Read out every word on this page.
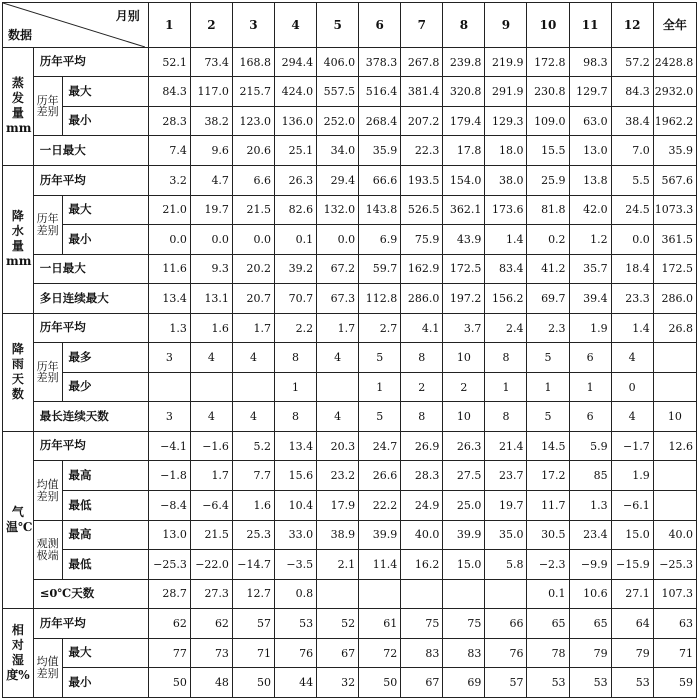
月别
数据			1	2	3	4	5	6	7	8	9	10	11	12	全年
蒸发量mm	历年平均		52.1	73.4	168.8	294.4	406.0	378.3	267.8	239.8	219.9	172.8	98.3	57.2	2428.8
	历年差别	最大	84.3	117.0	215.7	424.0	557.5	516.4	381.4	320.8	291.9	230.8	129.7	84.3	2932.0
		最小	28.3	38.2	123.0	136.0	252.0	268.4	207.2	179.4	129.3	109.0	63.0	38.4	1962.2
	一日最大		7.4	9.6	20.6	25.1	34.0	35.9	22.3	17.8	18.0	15.5	13.0	7.0	35.9
降水量mm	历年平均		3.2	4.7	6.6	26.3	29.4	66.6	193.5	154.0	38.0	25.9	13.8	5.5	567.6
	历年差别	最大	21.0	19.7	21.5	82.6	132.0	143.8	526.5	362.1	173.6	81.8	42.0	24.5	1073.3
		最小	0.0	0.0	0.0	0.1	0.0	6.9	75.9	43.9	1.4	0.2	1.2	0.0	361.5
	一日最大		11.6	9.3	20.2	39.2	67.2	59.7	162.9	172.5	83.4	41.2	35.7	18.4	172.5
	多日连续最大		13.4	13.1	20.7	70.7	67.3	112.8	286.0	197.2	156.2	69.7	39.4	23.3	286.0
降雨天数	历年平均		1.3	1.6	1.7	2.2	1.7	2.7	4.1	3.7	2.4	2.3	1.9	1.4	26.8
	历年差别	最多	3	4	4	8	4	5	8	10	8	5	6	4	
		最少				1		1	2	2	1	1	1	0	
	最长连续天数		3	4	4	8	4	5	8	10	8	5	6	4	10
气温℃	历年平均		−4.1	−1.6	5.2	13.4	20.3	24.7	26.9	26.3	21.4	14.5	5.9	−1.7	12.6
	均值差别	最高	−1.8	1.7	7.7	15.6	23.2	26.6	28.3	27.5	23.7	17.2	85	1.9	
		最低	−8.4	−6.4	1.6	10.4	17.9	22.2	24.9	25.0	19.7	11.7	1.3	−6.1	
	观测极端	最高	13.0	21.5	25.3	33.0	38.9	39.9	40.0	39.9	35.0	30.5	23.4	15.0	40.0
		最低	−25.3	−22.0	−14.7	−3.5	2.1	11.4	16.2	15.0	5.8	−2.3	−9.9	−15.9	−25.3
	≤0℃天数		28.7	27.3	12.7	0.8						0.1	10.6	27.1	107.3
相对湿度%	历年平均		62	62	57	53	52	61	75	75	66	65	65	64	63
	均值差别	最大	77	73	71	76	67	72	83	83	76	78	79	79	71
		最小	50	48	50	44	32	50	67	69	57	53	53	53	59
